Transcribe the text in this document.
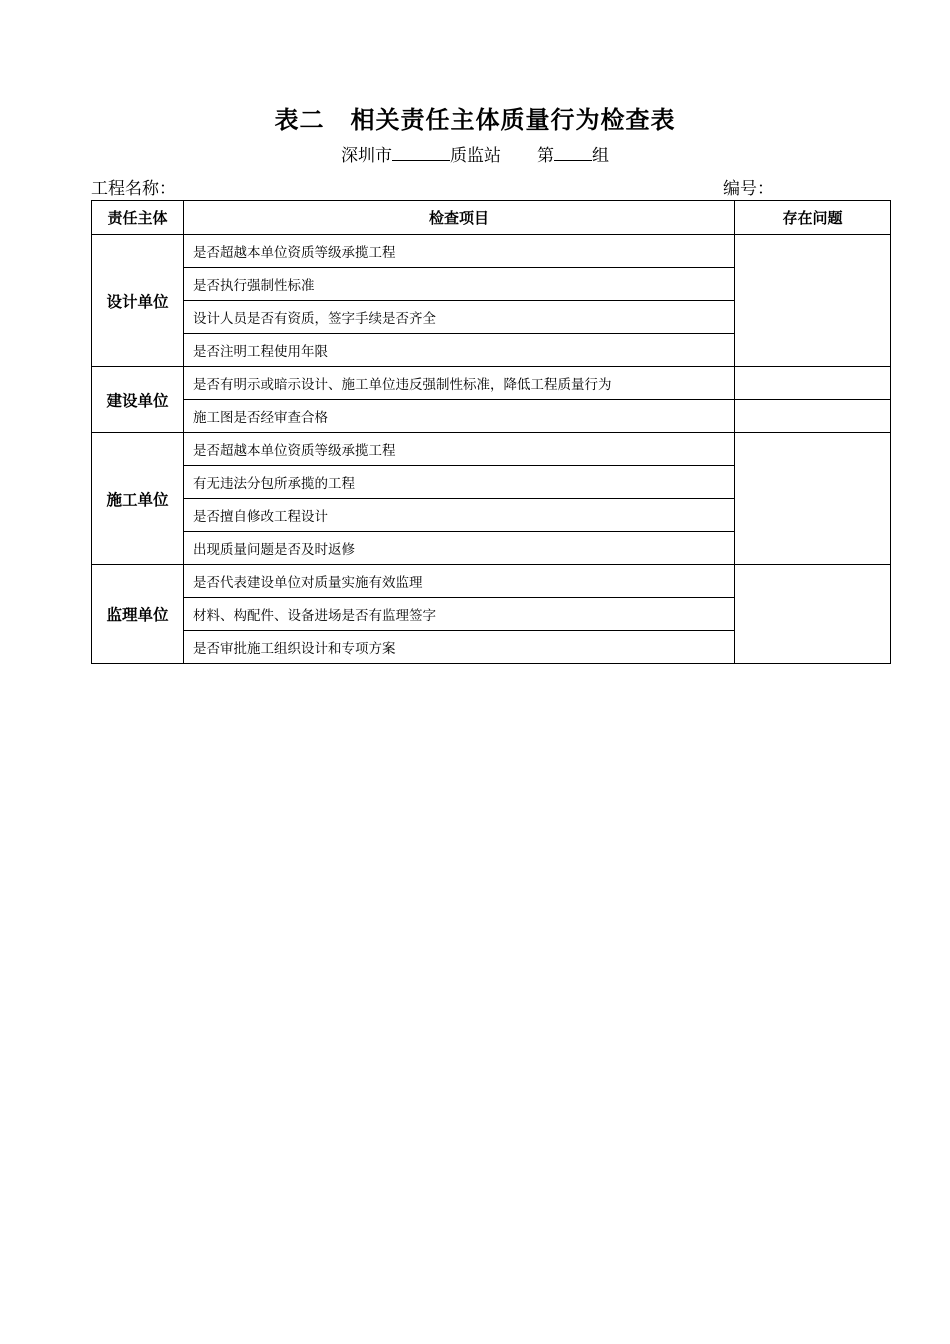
表二 相关责任主体质量行为检查表
深圳市	质监站 第 组
工程名称：	编号：
责任主体	检查项目	存在问题
设计单位	是否超越本单位资质等级承揽工程	
	是否执行强制性标准	
	设计人员是否有资质，签字手续是否齐全	
	是否注明工程使用年限	
建设单位	是否有明示或暗示设计、施工单位违反强制性标准，降低工程质量行为	
	施工图是否经审查合格	
施工单位	是否超越本单位资质等级承揽工程	
	有无违法分包所承揽的工程	
	是否擅自修改工程设计	
	出现质量问题是否及时返修	
监理单位	是否代表建设单位对质量实施有效监理	
	材料、构配件、设备进场是否有监理签字	
	是否审批施工组织设计和专项方案	
